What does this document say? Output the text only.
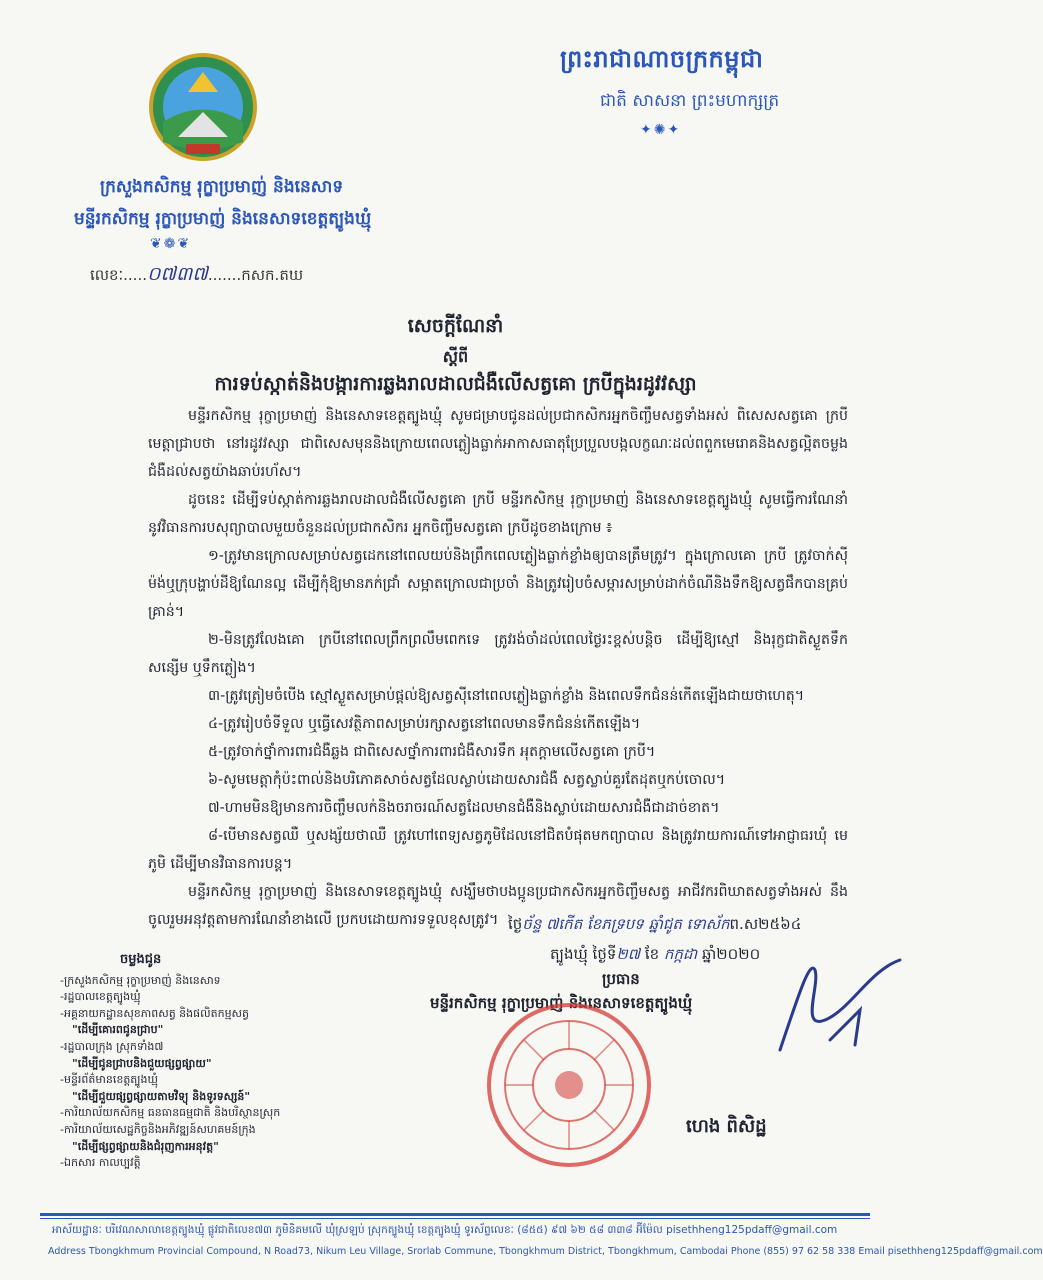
ព្រះរាជាណាចក្រកម្ពុជា
ជាតិ សាសនា ព្រះមហាក្សត្រ
✦✺✦
ក្រសួងកសិកម្ម រុក្ខាប្រមាញ់ និងនេសាទ
មន្ទីរកសិកម្ម រុក្ខាប្រមាញ់ និងនេសាទខេត្តត្បូងឃ្មុំ
❦❁❦
លេខៈ.....០៧៣៧.......កសក.តឃ
សេចក្តីណែនាំ
ស្តីពី
ការទប់ស្កាត់និងបង្ការការឆ្លងរាលដាលជំងឺលើសត្វគោ ក្របីក្នុងរដូវវស្សា

មន្ទីរកសិកម្ម រុក្ខាប្រមាញ់ និងនេសាទខេត្តត្បូងឃ្មុំ សូមជម្រាបជូនដល់ប្រជាកសិករអ្នកចិញ្ចឹមសត្វទាំងអស់ ពិសេសសត្វគោ ក្របី មេត្តាជ្រាបថា នៅរដូវវស្សា ជាពិសេសមុននិងក្រោយពេលភ្លៀងធ្លាក់អាកាសធាតុប្រែប្រួលបង្កលក្ខណៈដល់ពពួកមេរោគនិងសត្វល្អិតចម្លងជំងឺដល់សត្វយ៉ាងឆាប់រហ័ស។

ដូចនេះ ដើម្បីទប់ស្កាត់ការឆ្លងរាលដាលជំងឺលើសត្វគោ ក្របី មន្ទីរកសិកម្ម រុក្ខាប្រមាញ់ និងនេសាទខេត្តត្បូងឃ្មុំ សូមធ្វើការណែនាំនូវវិធានការបសុព្យាបាលមួយចំនួនដល់ប្រជាកសិករ អ្នកចិញ្ចឹមសត្វគោ ក្របីដូចខាងក្រោម ៖

១-ត្រូវមានក្រោលសម្រាប់សត្វដេកនៅពេលយប់និងព្រឹកពេលភ្លៀងធ្លាក់ខ្លាំងឲ្យបានត្រឹមត្រូវ។ ក្នុងក្រោលគោ ក្របី ត្រូវចាក់ស៊ីម៉ង់ឬក្រុបង្ហាប់ដីឱ្យណែនល្អ ដើម្បីកុំឱ្យមានភក់ជ្រាំ សម្អាតក្រោលជាប្រចាំ និងត្រូវរៀបចំសម្ភារសម្រាប់ដាក់ចំណីនិងទឹកឱ្យសត្វផឹកបានគ្រប់គ្រាន់។

២-មិនត្រូវលែងគោ ក្របីនៅពេលព្រឹកព្រលឹមពេកទេ ត្រូវរង់ចាំដល់ពេលថ្ងៃរះខ្ពស់បន្តិច ដើម្បីឱ្យស្មៅ និងរុក្ខជាតិស្ងួតទឹកសន្សើម ឬទឹកភ្លៀង។

៣-ត្រូវត្រៀមចំបើង ស្មៅស្ងួតសម្រាប់ផ្តល់ឱ្យសត្វស៊ីនៅពេលភ្លៀងធ្លាក់ខ្លាំង និងពេលទឹកជំនន់កើតឡើងជាយថាហេតុ។

៤-ត្រូវរៀបចំទីទួល ឬធ្វើសេវត្ថិភាពសម្រាប់រក្សាសត្វនៅពេលមានទឹកជំនន់កើតឡើង។

៥-ត្រូវចាក់ថ្នាំការពារជំងឺឆ្លង ជាពិសេសថ្នាំការពារជំងឺសារទឹក អុតក្តាមលើសត្វគោ ក្របី។

៦-សូមមេត្តាកុំប៉ះពាល់និងបរិភោគសាច់សត្វដែលស្លាប់ដោយសារជំងឺ សត្វស្លាប់គួរតែដុតឬកប់ចោល។

៧-ហាមមិនឱ្យមានការចិញ្ចឹមលក់និងចរាចរណ៍សត្វដែលមានជំងឺនិងស្លាប់ដោយសារជំងឺជាដាច់ខាត។

៨-បើមានសត្វឈឺ ឬសង្ស័យថាឈឺ ត្រូវហៅពេទ្យសត្វភូមិដែលនៅជិតបំផុតមកព្យាបាល និងត្រូវរាយការណ៍ទៅអាជ្ញាធរឃុំ មេភូមិ ដើម្បីមានវិធានការបន្ត។

មន្ទីរកសិកម្ម រុក្ខាប្រមាញ់ និងនេសាទខេត្តត្បូងឃ្មុំ សង្ឃឹមថាបងប្អូនប្រជាកសិករអ្នកចិញ្ចឹមសត្វ អាជីវករពិឃាតសត្វទាំងអស់ នឹងចូលរួមអនុវត្តតាមការណែនាំខាងលើ ប្រកបដោយការទទួលខុសត្រូវ។ ថ្ងៃច័ន្ទ ៧កើត ខែភទ្របទ ឆ្នាំជូត ទោស័កព.ស២៥៦៤
ត្បូងឃ្មុំ ថ្ងៃទី២៧ ខែ កក្កដា ឆ្នាំ២០២០
ប្រធាន
មន្ទីរកសិកម្ម រុក្ខាប្រមាញ់ និងនេសាទខេត្តត្បូងឃ្មុំ
ហេង ពិសិដ្ឋ
ចម្លងជូន
-ក្រសួងកសិកម្ម រុក្ខាប្រមាញ់ និងនេសាទ
-រដ្ឋបាលខេត្តត្បូងឃ្មុំ
-អគ្គនាយកដ្ឋានសុខភាពសត្វ និងផលិតកម្មសត្វ
"ដើម្បីគោរពជូនជ្រាប"
-រដ្ឋបាលក្រុង ស្រុកទាំង៧
"ដើម្បីជូនជ្រាបនិងជួយផ្សព្វផ្សាយ"
-មន្ទីរព័ត៌មានខេត្តត្បូងឃ្មុំ
"ដើម្បីជួយផ្សព្វផ្សាយតាមវិទ្យុ និងទូរទស្សន៍"
-ការិយាល័យកសិកម្ម ធនធានធម្មជាតិ និងបរិស្ថានស្រុក
-ការិយាល័យសេដ្ឋកិច្ចនិងអភិវឌ្ឍន៍សហគមន៍ក្រុង
"ដើម្បីផ្សព្វផ្សាយនិងជំរុញការអនុវត្ត"
-ឯកសារ កាលប្បវត្តិ
អាស័យដ្ឋានៈ បរិវេណសាលាខេត្តត្បូងឃ្មុំ ផ្លូវជាតិលេខ៧៣ ភូមិនិគមលើ ឃុំស្រឡប់ ស្រុកត្បូងឃ្មុំ ខេត្តត្បូងឃ្មុំ ទូរស័ព្ទលេខៈ (៨៥៥) ៩៧ ៦២ ៥៨ ៣៣៨ អ៊ីម៉ែល pisethheng125pdaff@gmail.com
Address Tbongkhmum Provincial Compound, N Road73, Nikum Leu Village, Srorlab Commune, Tbongkhmum District, Tbongkhmum, Cambodai Phone (855) 97 62 58 338 Email pisethheng125pdaff@gmail.com
